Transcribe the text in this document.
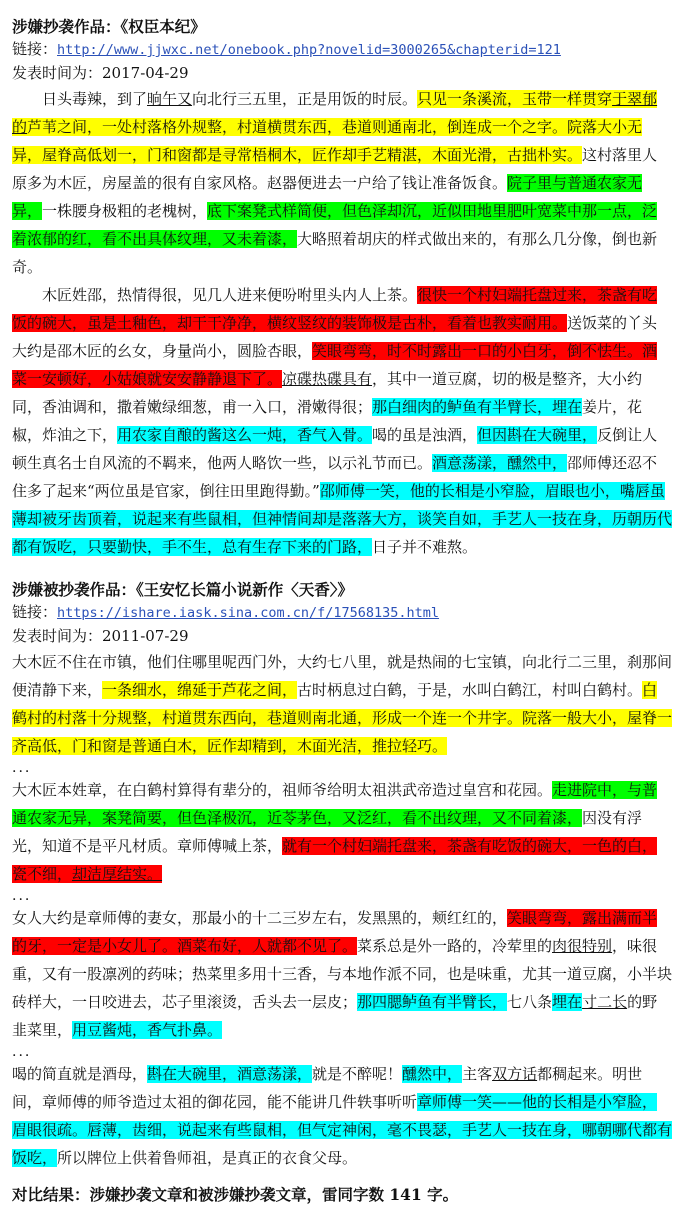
涉嫌抄袭作品：《权臣本纪》
链接：http://www.jjwxc.net/onebook.php?novelid=3000265&chapterid=121
发表时间为：2017-04-29

日头毒辣，到了晌午又向北行三五里，正是用饭的时辰。只见一条溪流，玉带一样贯穿于翠郁的芦苇之间，一处村落格外规整，村道横贯东西，巷道则通南北，倒连成一个之字。院落大小无异，屋脊高低划一，门和窗都是寻常梧桐木，匠作却手艺精湛，木面光滑，古拙朴实。这村落里人原多为木匠，房屋盖的很有自家风格。赵器便进去一户给了钱让准备饭食。院子里与普通农家无异，一株腰身极粗的老槐树，底下案凳式样简便，但色泽却沉，近似田地里肥叶宽菜中那一点，泛着浓郁的红，看不出具体纹理，又未着漆，大略照着胡庆的样式做出来的，有那么几分像，倒也新奇。

木匠姓邵，热情得很，见几人进来便吩咐里头内人上茶。很快一个村妇端托盘过来，茶盏有吃饭的碗大，虽是土釉色，却干干净净，横纹竖纹的装饰极是古朴，看着也教实耐用。送饭菜的丫头大约是邵木匠的幺女，身量尚小，圆脸杏眼，笑眼弯弯，时不时露出一口的小白牙，倒不怯生。酒菜一安顿好，小姑娘就安安静静退下了。凉碟热碟具有，其中一道豆腐，切的极是整齐，大小约同，香油调和，撒着嫩绿细葱，甫一入口，滑嫩得很；那白细肉的鲈鱼有半臂长，埋在姜片，花椒，炸油之下，用农家自酿的酱这么一炖，香气入骨。喝的虽是浊酒，但因斟在大碗里，反倒让人顿生真名士自风流的不羁来，他两人略饮一些，以示礼节而已。酒意荡漾，醺然中，邵师傅还忍不住多了起来“两位虽是官家，倒往田里跑得勤。”邵师傅一笑，他的长相是小窄脸，眉眼也小，嘴唇虽薄却被牙齿顶着，说起来有些鼠相，但神情间却是落落大方，谈笑自如，手艺人一技在身，历朝历代都有饭吃，只要勤快，手不生，总有生存下来的门路，日子并不难熬。

涉嫌被抄袭作品：《王安忆长篇小说新作〈天香〉》
链接：https://ishare.iask.sina.com.cn/f/17568135.html
发表时间为：2011-07-29

大木匠不住在市镇，他们住哪里呢西门外，大约七八里，就是热闹的七宝镇，向北行二三里，刹那间便清静下来，一条细水，绵延于芦花之间，古时柄息过白鹤，于是，水叫白鹤江，村叫白鹤村。白鹤村的村落十分规整，村道贯东西向，巷道则南北通，形成一个连一个井字。院落一般大小，屋脊一齐高低，门和窗是普通白木，匠作却精到，木面光洁，推拉轻巧。

...

大木匠本姓章，在白鹤村算得有辈分的，祖师爷给明太祖洪武帝造过皇宫和花园。走进院中，与普通农家无异，案凳简要，但色泽极沉，近苓茅色，又泛红，看不出纹理，又不同着漆，因没有浮光，知道不是平凡材质。章师傅喊上茶，就有一个村妇端托盘来，茶盏有吃饭的碗大，一色的白，瓷不细，却洁厚结实。

...

女人大约是章师傅的妻女，那最小的十二三岁左右，发黑黑的，颊红红的，笑眼弯弯，露出满而半的牙，一定是小女儿了。酒菜布好，人就都不见了。菜系总是外一路的，冷荤里的肉很特别，味很重，又有一股凛冽的药味；热菜里多用十三香，与本地作派不同，也是味重，尤其一道豆腐，小半块砖样大，一日咬进去，芯子里滚烫，舌头去一层皮；那四腮鲈鱼有半臂长，七八条埋在寸二长的野韭菜里，用豆酱炖，香气扑鼻。

...

喝的简直就是酒母，斟在大碗里，酒意荡漾，就是不醉呢！醺然中，主客双方话都稠起来。明世间，章师傅的师爷造过太祖的御花园，能不能讲几件轶事听听章师傅一笑——他的长相是小窄脸，眉眼很疏。唇薄，齿细，说起来有些鼠相，但气定神闲，毫不畏瑟，手艺人一技在身，哪朝哪代都有饭吃，所以牌位上供着鲁师祖，是真正的衣食父母。

对比结果：涉嫌抄袭文章和被涉嫌抄袭文章，雷同字数 141 字。
